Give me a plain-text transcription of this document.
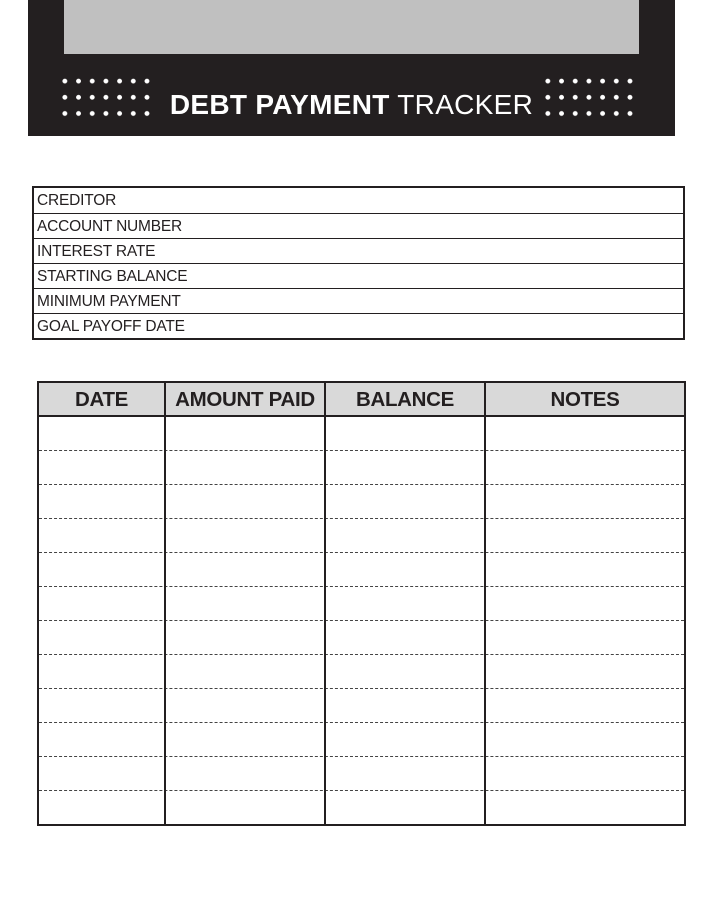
DEBT PAYMENT TRACKER
CREDITOR
ACCOUNT NUMBER
INTEREST RATE
STARTING BALANCE
MINIMUM PAYMENT
GOAL PAYOFF DATE
DATE	AMOUNT PAID	BALANCE	NOTES
